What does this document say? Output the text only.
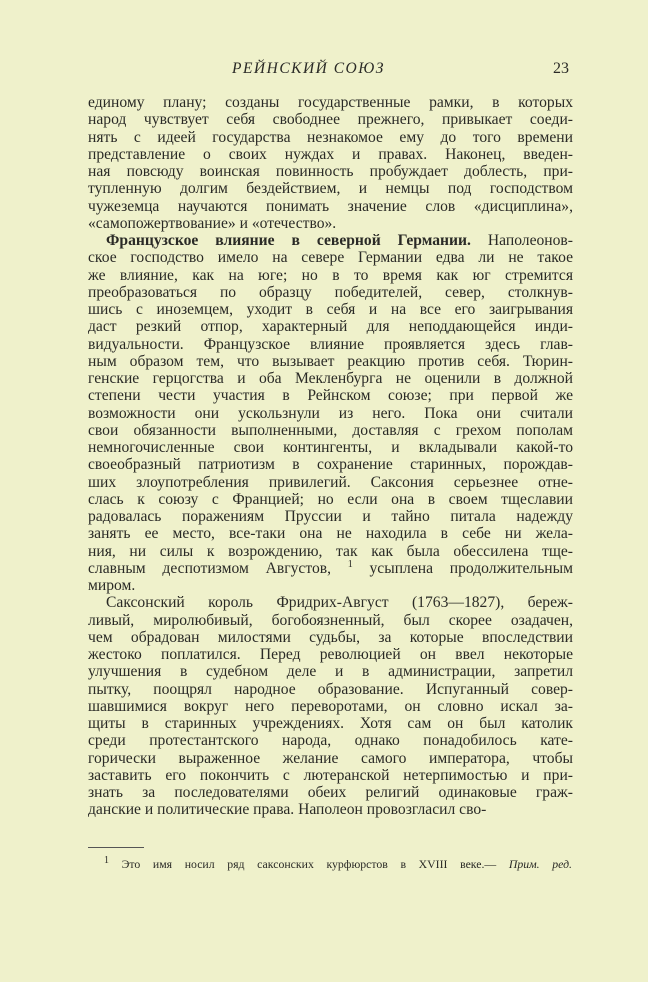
РЕЙНСКИЙ СОЮЗ	23
единому плану; созданы государственные рамки, в которых
народ чувствует себя свободнее прежнего, привыкает соеди-
нять с идеей государства незнакомое ему до того времени
представление о своих нуждах и правах. Наконец, введен-
ная повсюду воинская повинность пробуждает доблесть, при-
тупленную долгим бездействием, и немцы под господством
чужеземца научаются понимать значение слов «дисциплина»,
«самопожертвование» и «отечество».
Французское влияние в северной Германии. Наполеонов-
ское господство имело на севере Германии едва ли не такое
же влияние, как на юге; но в то время как юг стремится
преобразоваться по образцу победителей, север, столкнув-
шись с иноземцем, уходит в себя и на все его заигрывания
даст резкий отпор, характерный для неподдающейся инди-
видуальности. Французское влияние проявляется здесь глав-
ным образом тем, что вызывает реакцию против себя. Тюрин-
генские герцогства и оба Мекленбурга не оценили в должной
степени чести участия в Рейнском союзе; при первой же
возможности они ускользнули из него. Пока они считали
свои обязанности выполненными, доставляя с грехом пополам
немногочисленные свои контингенты, и вкладывали какой-то
своеобразный патриотизм в сохранение старинных, порождав-
ших злоупотребления привилегий. Саксония серьезнее отне-
слась к союзу с Францией; но если она в своем тщеславии
радовалась поражениям Пруссии и тайно питала надежду
занять ее место, все-таки она не находила в себе ни жела-
ния, ни силы к возрождению, так как была обессилена тще-
славным деспотизмом Августов, $^1$ усыплена продолжительным
миром.
Саксонский король Фридрих-Август (1763—1827), береж-
ливый, миролюбивый, богобоязненный, был скорее озадачен,
чем обрадован милостями судьбы, за которые впоследствии
жестоко поплатился. Перед революцией он ввел некоторые
улучшения в судебном деле и в администрации, запретил
пытку, поощрял народное образование. Испуганный совер-
шавшимися вокруг него переворотами, он словно искал за-
щиты в старинных учреждениях. Хотя сам он был католик
среди протестантского народа, однако понадобилось кате-
горически выраженное желание самого императора, чтобы
заставить его покончить с лютеранской нетерпимостью и при-
знать за последователями обеих религий одинаковые граж-
данские и политические права. Наполеон провозгласил сво-
$^1$ Это имя носил ряд саксонских курфюрстов в XVIII веке.— Прим. ред.
